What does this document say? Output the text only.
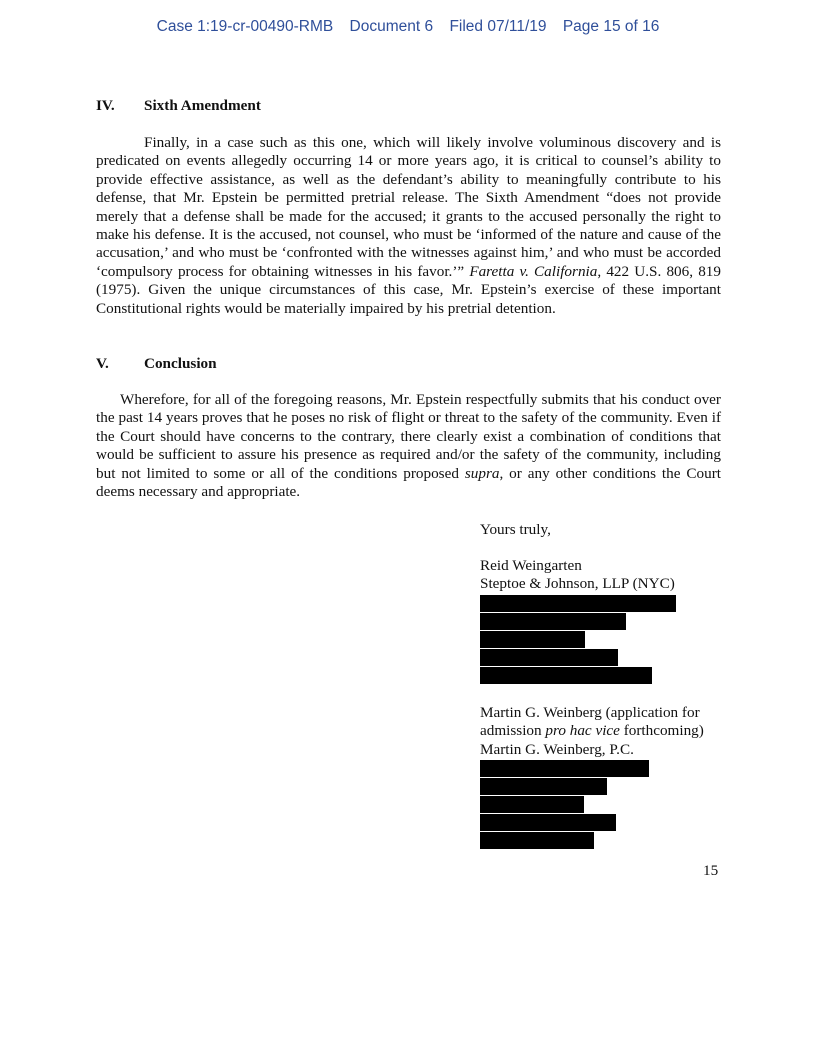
Case 1:19-cr-00490-RMB Document 6 Filed 07/11/19 Page 15 of 16
IV. Sixth Amendment

Finally, in a case such as this one, which will likely involve voluminous discovery and is predicated on events allegedly occurring 14 or more years ago, it is critical to counsel’s ability to provide effective assistance, as well as the defendant’s ability to meaningfully contribute to his defense, that Mr. Epstein be permitted pretrial release. The Sixth Amendment “does not provide merely that a defense shall be made for the accused; it grants to the accused personally the right to make his defense. It is the accused, not counsel, who must be ‘informed of the nature and cause of the accusation,’ and who must be ‘confronted with the witnesses against him,’ and who must be accorded ‘compulsory process for obtaining witnesses in his favor.’” Faretta v. California, 422 U.S. 806, 819 (1975). Given the unique circumstances of this case, Mr. Epstein’s exercise of these important Constitutional rights would be materially impaired by his pretrial detention.

V. Conclusion

Wherefore, for all of the foregoing reasons, Mr. Epstein respectfully submits that his conduct over the past 14 years proves that he poses no risk of flight or threat to the safety of the community. Even if the Court should have concerns to the contrary, there clearly exist a combination of conditions that would be sufficient to assure his presence as required and/or the safety of the community, including but not limited to some or all of the conditions proposed supra, or any other conditions the Court deems necessary and appropriate.

Yours truly,
Reid Weingarten
Steptoe & Johnson, LLP (NYC)
Martin G. Weinberg (application for admission pro hac vice forthcoming)
Martin G. Weinberg, P.C.
15
